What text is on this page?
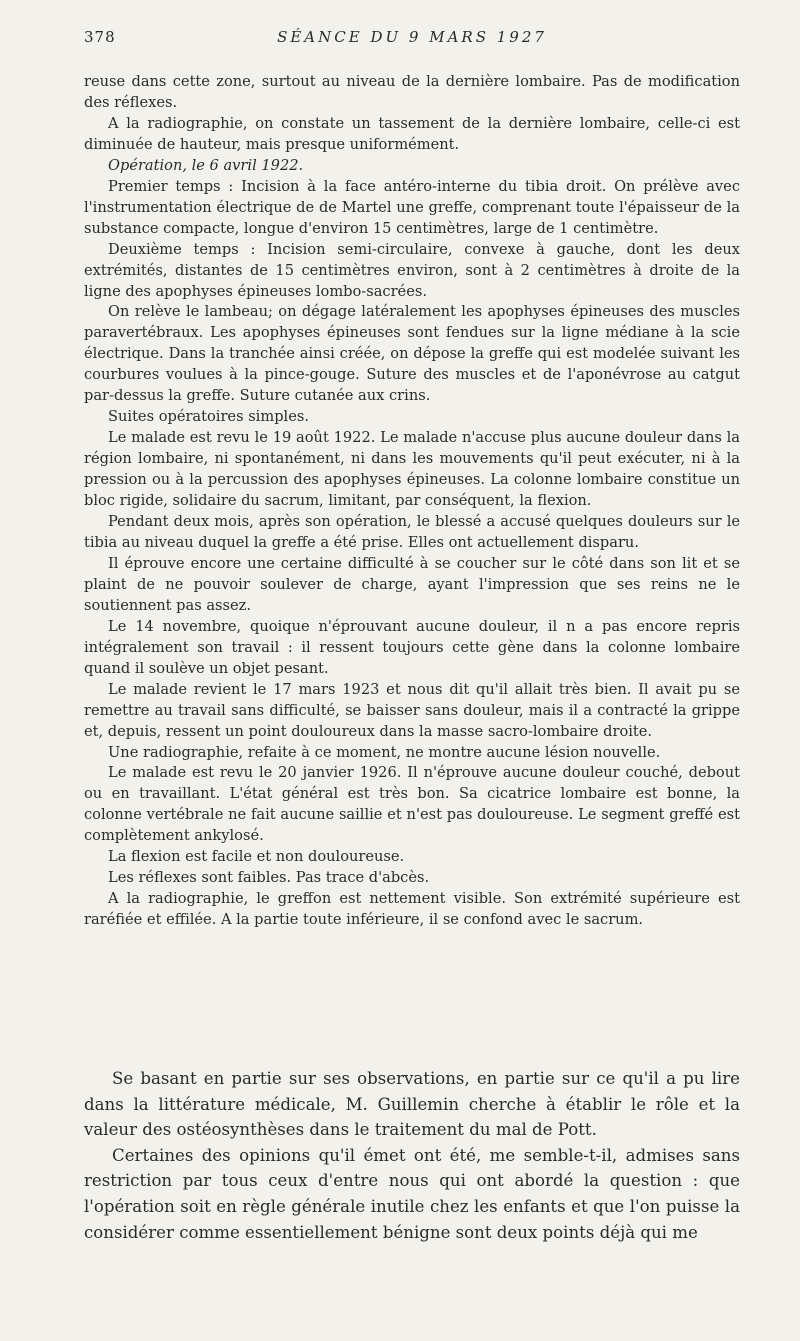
378	SÉANCE DU 9 MARS 1927

reuse dans cette zone, surtout au niveau de la dernière lombaire. Pas de modification des réflexes.

A la radiographie, on constate un tassement de la dernière lombaire, celle-ci est diminuée de hauteur, mais presque uniformément.

Opération, le 6 avril 1922.

Premier temps : Incision à la face antéro-interne du tibia droit. On prélève avec l'instrumentation électrique de de Martel une greffe, comprenant toute l'épaisseur de la substance compacte, longue d'environ 15 centimètres, large de 1 centimètre.

Deuxième temps : Incision semi-circulaire, convexe à gauche, dont les deux extrémités, distantes de 15 centimètres environ, sont à 2 centimètres à droite de la ligne des apophyses épineuses lombo-sacrées.

On relève le lambeau; on dégage latéralement les apophyses épineuses des muscles paravertébraux. Les apophyses épineuses sont fendues sur la ligne médiane à la scie électrique. Dans la tranchée ainsi créée, on dépose la greffe qui est modelée suivant les courbures voulues à la pince-gouge. Suture des muscles et de l'aponévrose au catgut par-dessus la greffe. Suture cutanée aux crins.

Suites opératoires simples.

Le malade est revu le 19 août 1922. Le malade n'accuse plus aucune douleur dans la région lombaire, ni spontanément, ni dans les mouvements qu'il peut exécuter, ni à la pression ou à la percussion des apophyses épineuses. La colonne lombaire constitue un bloc rigide, solidaire du sacrum, limitant, par conséquent, la flexion.

Pendant deux mois, après son opération, le blessé a accusé quelques douleurs sur le tibia au niveau duquel la greffe a été prise. Elles ont actuellement disparu.

Il éprouve encore une certaine difficulté à se coucher sur le côté dans son lit et se plaint de ne pouvoir soulever de charge, ayant l'impression que ses reins ne le soutiennent pas assez.

Le 14 novembre, quoique n'éprouvant aucune douleur, il n a pas encore repris intégralement son travail : il ressent toujours cette gène dans la colonne lombaire quand il soulève un objet pesant.

Le malade revient le 17 mars 1923 et nous dit qu'il allait très bien. Il avait pu se remettre au travail sans difficulté, se baisser sans douleur, mais il a contracté la grippe et, depuis, ressent un point douloureux dans la masse sacro-lombaire droite.

Une radiographie, refaite à ce moment, ne montre aucune lésion nouvelle.

Le malade est revu le 20 janvier 1926. Il n'éprouve aucune douleur couché, debout ou en travaillant. L'état général est très bon. Sa cicatrice lombaire est bonne, la colonne vertébrale ne fait aucune saillie et n'est pas douloureuse. Le segment greffé est complètement ankylosé.

La flexion est facile et non douloureuse.

Les réflexes sont faibles. Pas trace d'abcès.

A la radiographie, le greffon est nettement visible. Son extrémité supérieure est raréfiée et effilée. A la partie toute inférieure, il se confond avec le sacrum.

Se basant en partie sur ses observations, en partie sur ce qu'il a pu lire dans la littérature médicale, M. Guillemin cherche à établir le rôle et la valeur des ostéosynthèses dans le traitement du mal de Pott.

Certaines des opinions qu'il émet ont été, me semble-t-il, admises sans restriction par tous ceux d'entre nous qui ont abordé la question : que l'opération soit en règle générale inutile chez les enfants et que l'on puisse la considérer comme essentiellement bénigne sont deux points déjà qui me
